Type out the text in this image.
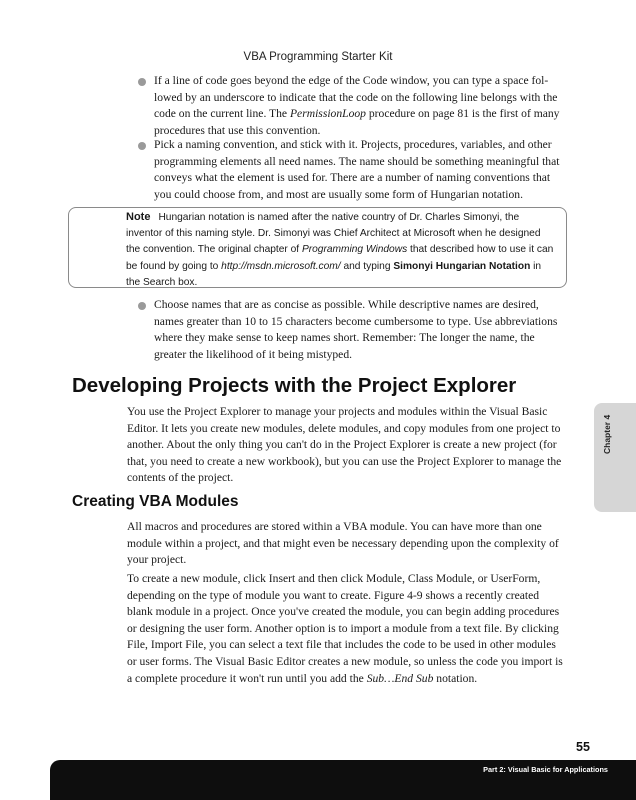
VBA Programming Starter Kit
If a line of code goes beyond the edge of the Code window, you can type a space followed by an underscore to indicate that the code on the following line belongs with the code on the current line. The PermissionLoop procedure on page 81 is the first of many procedures that use this convention.
Pick a naming convention, and stick with it. Projects, procedures, variables, and other programming elements all need names. The name should be something meaningful that conveys what the element is used for. There are a number of naming conventions that you could choose from, and most are usually some form of Hungarian notation.
Note Hungarian notation is named after the native country of Dr. Charles Simonyi, the inventor of this naming style. Dr. Simonyi was Chief Architect at Microsoft when he designed the convention. The original chapter of Programming Windows that described how to use it can be found by going to http://msdn.microsoft.com/ and typing Simonyi Hungarian Notation in the Search box.
Choose names that are as concise as possible. While descriptive names are desired, names greater than 10 to 15 characters become cumbersome to type. Use abbreviations where they make sense to keep names short. Remember: The longer the name, the greater the likelihood of it being mistyped.
Developing Projects with the Project Explorer

You use the Project Explorer to manage your projects and modules within the Visual Basic Editor. It lets you create new modules, delete modules, and copy modules from one project to another. About the only thing you can't do in the Project Explorer is create a new project (for that, you need to create a new workbook), but you can use the Project Explorer to manage the contents of the project.

Creating VBA Modules

All macros and procedures are stored within a VBA module. You can have more than one module within a project, and that might even be necessary depending upon the complexity of your project.

To create a new module, click Insert and then click Module, Class Module, or UserForm, depending on the type of module you want to create. Figure 4-9 shows a recently created blank module in a project. Once you've created the module, you can begin adding procedures or designing the user form. Another option is to import a module from a text file. By clicking File, Import File, you can select a text file that includes the code to be used in other modules or user forms. The Visual Basic Editor creates a new module, so unless the code you import is a complete procedure it won't run until you add the Sub…End Sub notation.

Chapter 4
55
Part 2: Visual Basic for Applications
